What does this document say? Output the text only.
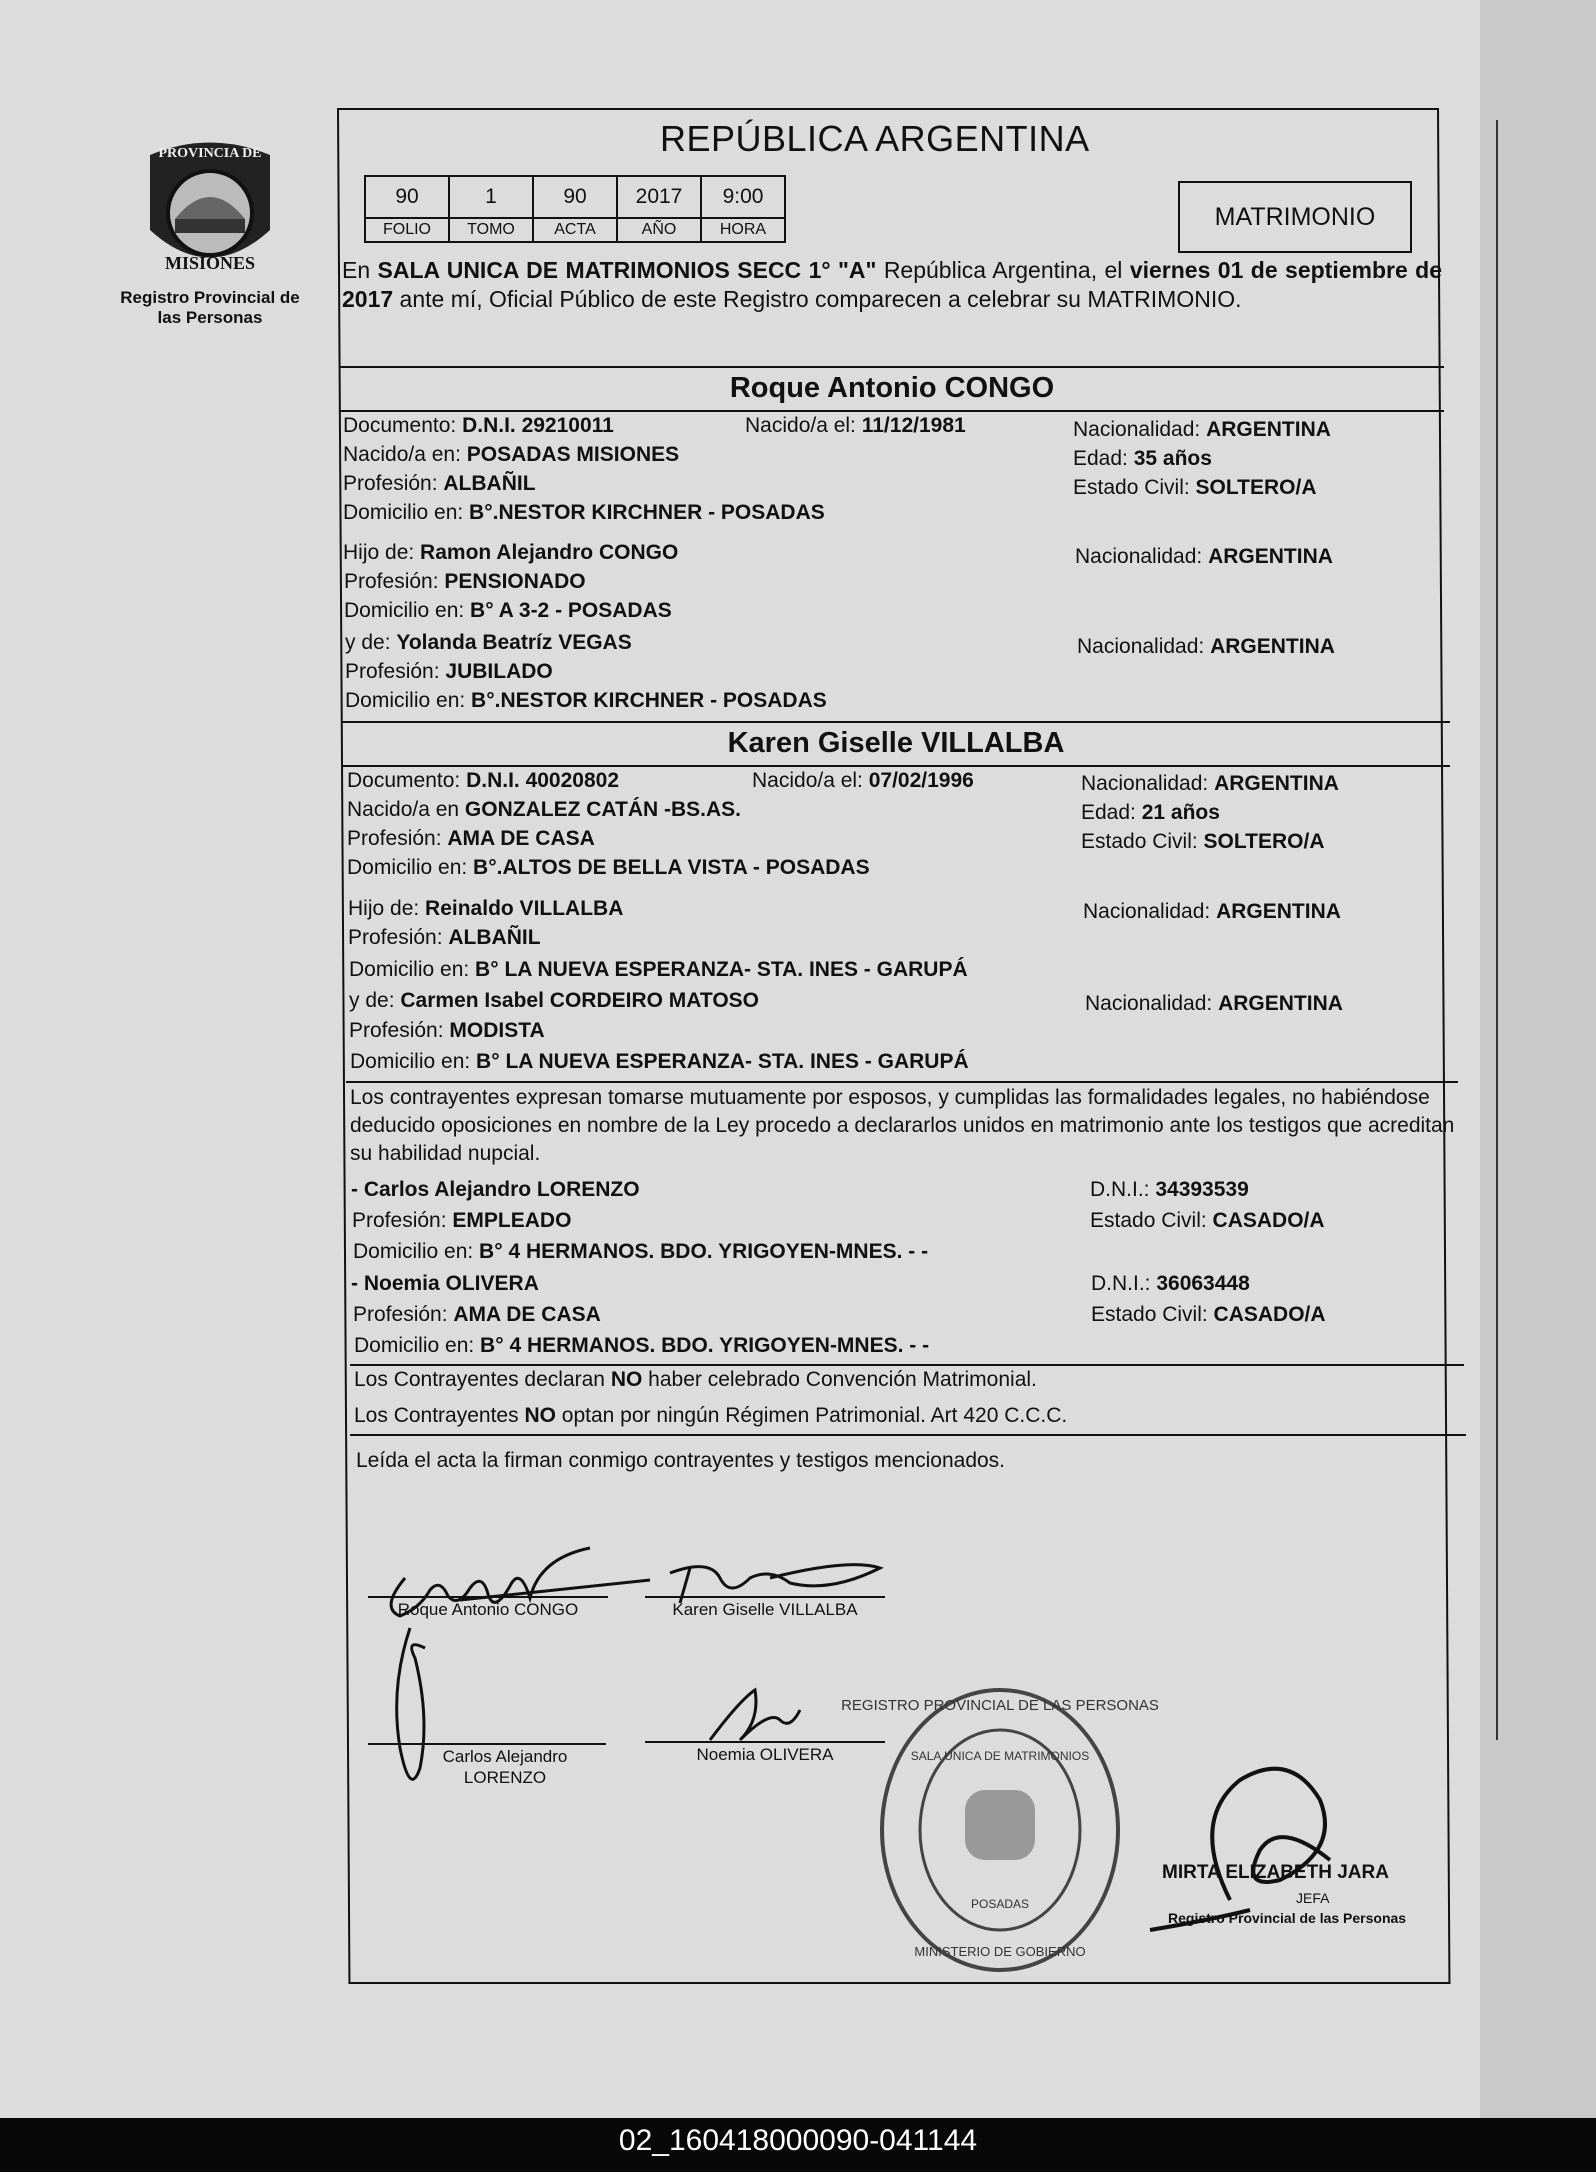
PROVINCIA DE
MISIONES
Registro Provincial de las Personas
REPÚBLICA ARGENTINA
90	1	90	2017	9:00
FOLIO	TOMO	ACTA	AÑO	HORA	MATRIMONIO
En SALA UNICA DE MATRIMONIOS SECC 1° "A" República Argentina, el viernes 01 de septiembre de 2017 ante mí, Oficial Público de este Registro comparecen a celebrar su MATRIMONIO.
Roque Antonio CONGO
Documento: D.N.I. 29210011	Nacido/a el: 11/12/1981	Nacionalidad: ARGENTINA
Nacido/a en: POSADAS MISIONES	Edad: 35 años
Profesión: ALBAÑIL	Estado Civil: SOLTERO/A
Domicilio en: B°.NESTOR KIRCHNER - POSADAS
Hijo de: Ramon Alejandro CONGO	Nacionalidad: ARGENTINA
Profesión: PENSIONADO
Domicilio en: B° A 3-2 - POSADAS
y de: Yolanda Beatríz VEGAS	Nacionalidad: ARGENTINA
Profesión: JUBILADO
Domicilio en: B°.NESTOR KIRCHNER - POSADAS
Karen Giselle VILLALBA
Documento: D.N.I. 40020802	Nacido/a el: 07/02/1996	Nacionalidad: ARGENTINA
Nacido/a en GONZALEZ CATÁN -BS.AS.	Edad: 21 años
Profesión: AMA DE CASA	Estado Civil: SOLTERO/A
Domicilio en: B°.ALTOS DE BELLA VISTA - POSADAS
Hijo de: Reinaldo VILLALBA	Nacionalidad: ARGENTINA
Profesión: ALBAÑIL
Domicilio en: B° LA NUEVA ESPERANZA- STA. INES - GARUPÁ
y de: Carmen Isabel CORDEIRO MATOSO	Nacionalidad: ARGENTINA
Profesión: MODISTA
Domicilio en: B° LA NUEVA ESPERANZA- STA. INES - GARUPÁ
Los contrayentes expresan tomarse mutuamente por esposos, y cumplidas las formalidades legales, no habiéndose deducido oposiciones en nombre de la Ley procedo a declararlos unidos en matrimonio ante los testigos que acreditan su habilidad nupcial.
- Carlos Alejandro LORENZO	D.N.I.: 34393539
Profesión: EMPLEADO	Estado Civil: CASADO/A
Domicilio en: B° 4 HERMANOS. BDO. YRIGOYEN-MNES. - -
- Noemia OLIVERA	D.N.I.: 36063448
Profesión: AMA DE CASA	Estado Civil: CASADO/A
Domicilio en: B° 4 HERMANOS. BDO. YRIGOYEN-MNES. - -
Los Contrayentes declaran NO haber celebrado Convención Matrimonial.
Los Contrayentes NO optan por ningún Régimen Patrimonial. Art 420 C.C.C.
Leída el acta la firman conmigo contrayentes y testigos mencionados.
Roque Antonio CONGO	Karen Giselle VILLALBA
Carlos Alejandro
LORENZO
Noemia OLIVERA
REGISTRO PROVINCIAL DE LAS PERSONAS
SALA UNICA DE MATRIMONIOS
POSADAS
MINISTERIO DE GOBIERNO
MIRTA ELIZABETH JARA
JEFA
Registro Provincial de las Personas
02_160418000090-041144
